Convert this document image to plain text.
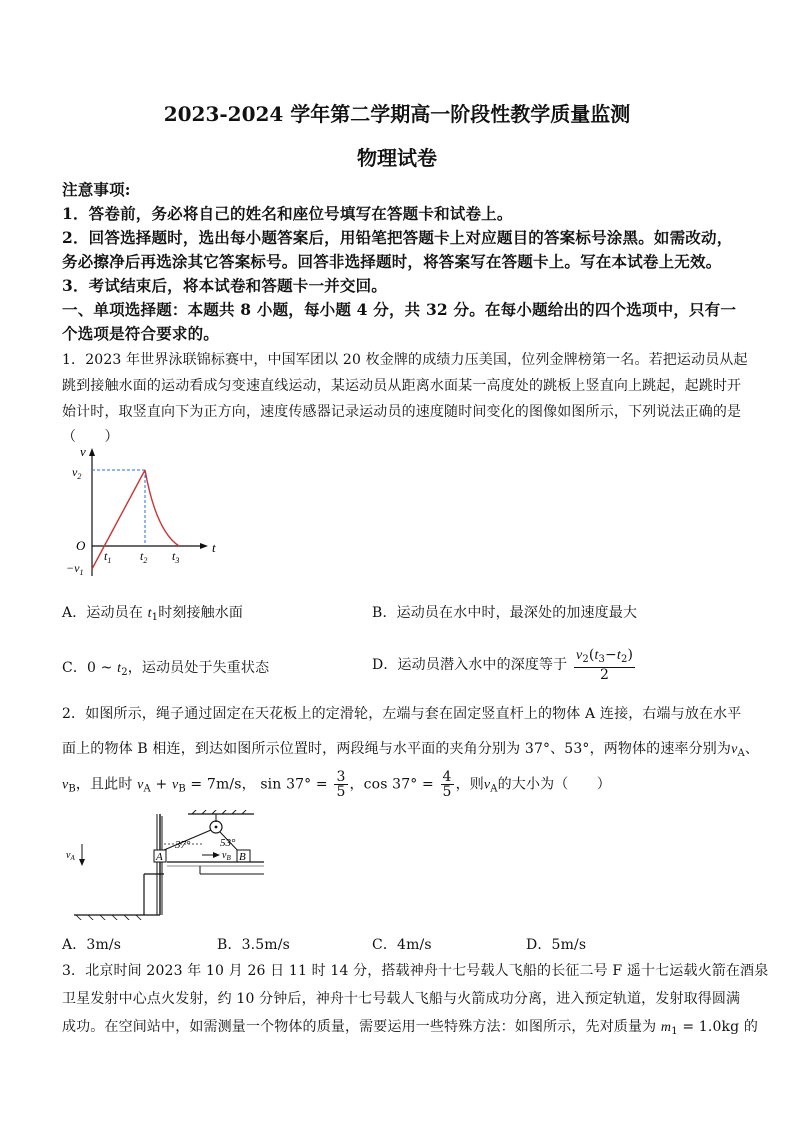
2023-2024 学年第二学期高一阶段性教学质量监测
物理试卷
注意事项:
1．答卷前，务必将自己的姓名和座位号填写在答题卡和试卷上。
2．回答选择题时，选出每小题答案后，用铅笔把答题卡上对应题目的答案标号涂黑。如需改动，
务必擦净后再选涂其它答案标号。回答非选择题时，将答案写在答题卡上。写在本试卷上无效。
3．考试结束后，将本试卷和答题卡一并交回。
一、单项选择题：本题共 8 小题，每小题 4 分，共 32 分。在每小题给出的四个选项中，只有一
个选项是符合要求的。
1．2023 年世界泳联锦标赛中，中国军团以 20 枚金牌的成绩力压美国，位列金牌榜第一名。若把运动员从起
跳到接触水面的运动看成匀变速直线运动，某运动员从距离水面某一高度处的跳板上竖直向上跳起，起跳时开
始计时，取竖直向下为正方向，速度传感器记录运动员的速度随时间变化的图像如图所示，下列说法正确的是
（　　）
v
t
O
$v_2$
$-v_1$
$t_1$ $t_2$ $t_3$
A．运动员在 $t_1$时刻接触水面	B．运动员在水中时，最深处的加速度最大
C．0 ~ $t_2$，运动员处于失重状态	D．运动员潜入水中的深度等于 $\frac{v_2(t_3-t_2)}{2}$
2．如图所示，绳子通过固定在天花板上的定滑轮，左端与套在固定竖直杆上的物体 A 连接，右端与放在水平
面上的物体 B 相连，到达如图所示位置时，两段绳与水平面的夹角分别为 37°、53°，两物体的速率分别为$v_A$、
$v_B$，且此时 $v_A + v_B = 7m/s$， $\sin 37^\circ = \frac{3}{5}$ ，$\cos 37^\circ = \frac{4}{5}$ ，则$v_A$的大小为（　　）
A
37°	53°
B
$v_A$	$v_B$
A．3m/s	B．3.5m/s	C．4m/s	D．5m/s
3．北京时间 2023 年 10 月 26 日 11 时 14 分，搭载神舟十七号载人飞船的长征二号 F 遥十七运载火箭在酒泉
卫星发射中心点火发射，约 10 分钟后，神舟十七号载人飞船与火箭成功分离，进入预定轨道，发射取得圆满
成功。在空间站中，如需测量一个物体的质量，需要运用一些特殊方法：如图所示，先对质量为 $m_1 = 1.0kg$ 的
